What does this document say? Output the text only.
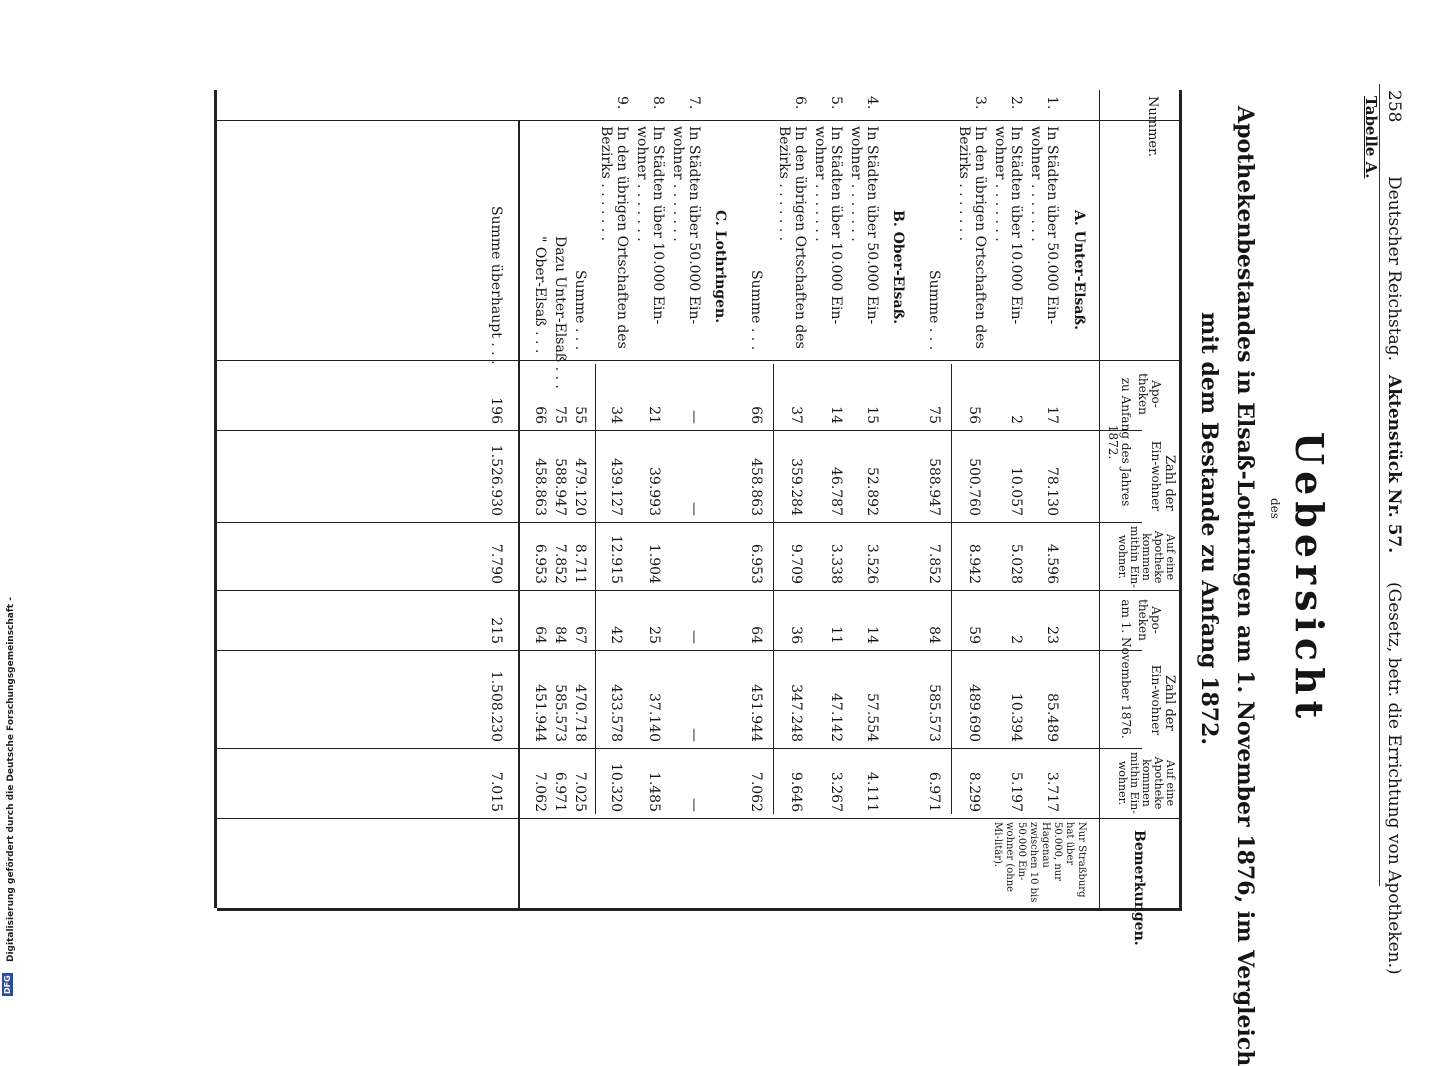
Digitalisierung gefördert durch die Deutsche Forschungsgemeinschaft -
DFG
258
Deutscher Reichstag.
Aktenstück Nr. 57.
(Gesetz, betr. die Errichtung von Apotheken.)
Tabelle A.
Uebersicht
des
Apothekenbestandes in Elsaß-Lothringen am 1. November 1876, im Vergleich
mit dem Bestande zu Anfang 1872.
Nummer.
Zahl der
Zahl der
Apo-theken
Ein-wohner
zu Anfang des Jahres 1872.
Auf eine Apotheke kommen mithin Ein-wohner.
Apo-theken
Ein-wohner
am 1. November 1876.
Auf eine Apotheke kommen mithin Ein-wohner.
Bemerkungen.
Nur Straßburg hat über 50.000, nur Hagenau zwischen 10 bis 50.000 Ein-wohner (ohne Mi-litär).
A. Unter-Elsaß.
1.
In Städten über 50.000 Ein-wohner . . . . . . .
17
78.130
4.596
23
85.489
3.717
2.
In Städten über 10.000 Ein-wohner . . . . . . .
2
10.057
5.028
2
10.394
5.197
3.
In den übrigen Ortschaften des Bezirks . . . . . . .
56
500.760
8.942
59
489.690
8.299
Summe . . .
75
588.947
7.852
84
585.573
6.971
B. Ober-Elsaß.
4.
In Städten über 50.000 Ein-wohner . . . . . . .
15
52.892
3.526
14
57.554
4.111
5.
In Städten über 10.000 Ein-wohner . . . . . . .
14
46.787
3.338
11
47.142
3.267
6.
In den übrigen Ortschaften des Bezirks . . . . . . .
37
359.284
9.709
36
347.248
9.646
Summe . . .
66
458.863
6.953
64
451.944
7.062
C. Lothringen.
7.
In Städten über 50.000 Ein-wohner . . . . . . .
—
—
—
—
—
8.
In Städten über 10.000 Ein-wohner . . . . . . .
21
39.993
1.904
25
37.140
1.485
9.
In den übrigen Ortschaften des Bezirks . . . . . . .
34
439.127
12.915
42
433.578
10.320
Summe . . .
55
479.120
8.711
67
470.718
7.025
Dazu Unter-Elsaß . . .
75
588.947
7.852
84
585.573
6.971
" Ober-Elsaß . . .
66
458.863
6.953
64
451.944
7.062
Summe überhaupt . . .
196
1.526.930
7.790
215
1.508.230
7.015
